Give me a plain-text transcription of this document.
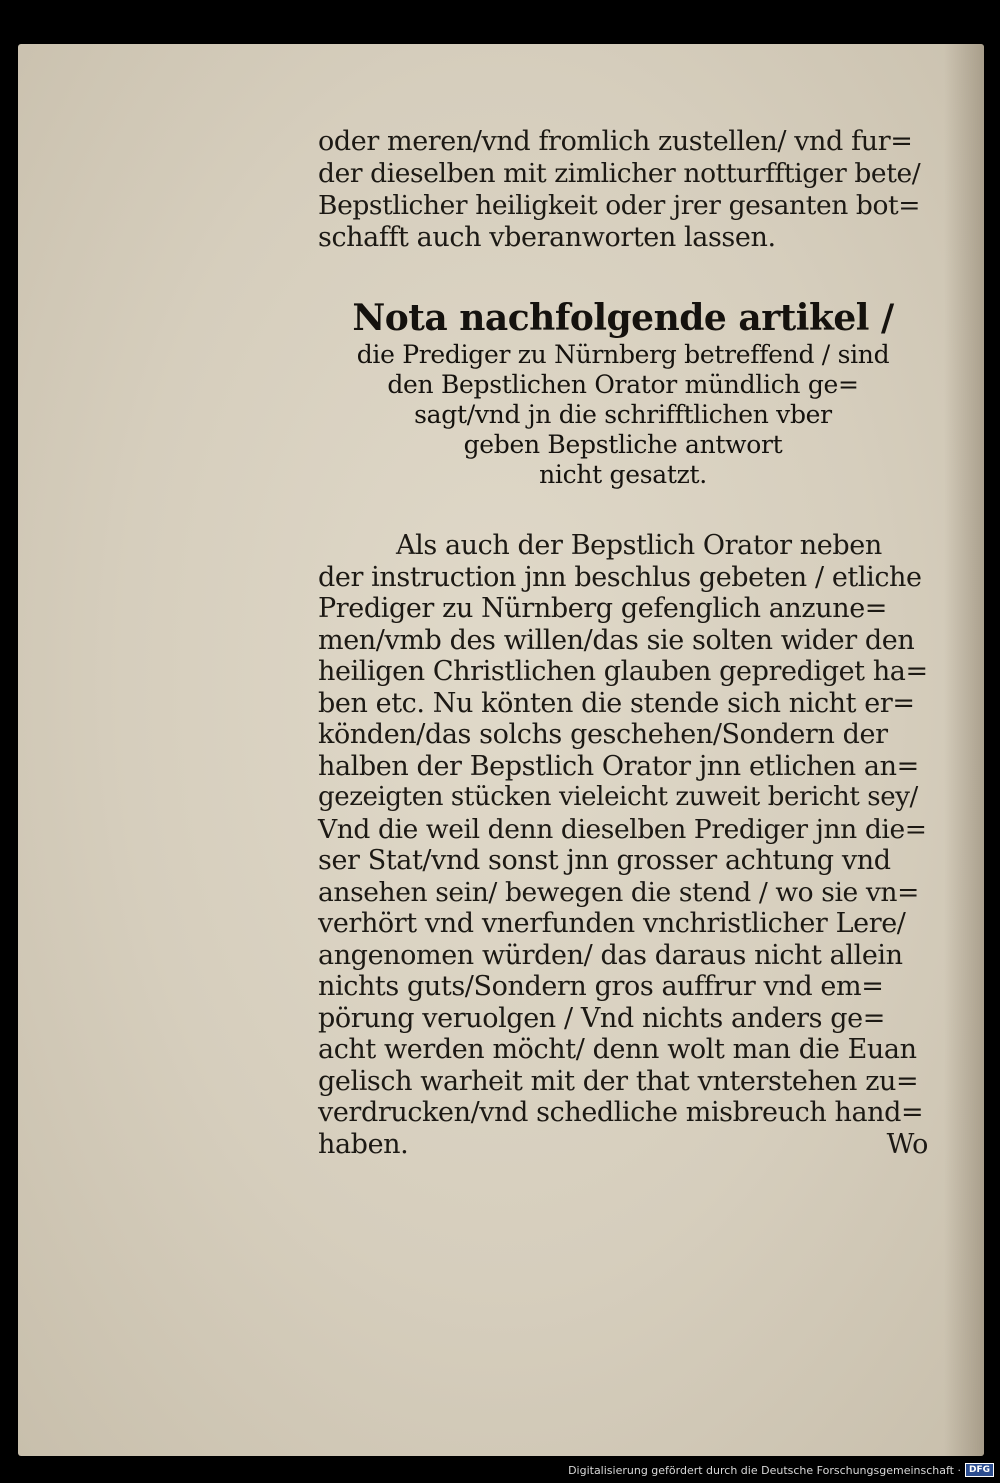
oder meren/vnd fromlich zustellen/ vnd fur=
der dieselben mit zimlicher notturfftiger bete/
Bepstlicher heiligkeit oder jrer gesanten bot=
schafft auch vberanworten lassen.
Nota nachfolgende artikel /
die Prediger zu Nürnberg betreffend / sind
den Bepstlichen Orator mündlich ge=
sagt/vnd jn die schrifftlichen vber
geben Bepstliche antwort
nicht gesatzt.
Als auch der Bepstlich Orator neben
der instruction jnn beschlus gebeten / etliche
Prediger zu Nürnberg gefenglich anzune=
men/vmb des willen/das sie solten wider den
heiligen Christlichen glauben geprediget ha=
ben etc. Nu könten die stende sich nicht er=
könden/das solchs geschehen/Sondern der
halben der Bepstlich Orator jnn etlichen an=
gezeigten stücken vieleicht zuweit bericht sey/
Vnd die weil denn dieselben Prediger jnn die=
ser Stat/vnd sonst jnn grosser achtung vnd
ansehen sein/ bewegen die stend / wo sie vn=
verhört vnd vnerfunden vnchristlicher Lere/
angenomen würden/ das daraus nicht allein
nichts guts/Sondern gros auffrur vnd em=
pörung veruolgen / Vnd nichts anders ge=
acht werden möcht/ denn wolt man die Euan
gelisch warheit mit der that vnterstehen zu=
verdrucken/vnd schedliche misbreuch hand=
haben.	Wo
Digitalisierung gefördert durch die Deutsche Forschungsgemeinschaft · DFG
